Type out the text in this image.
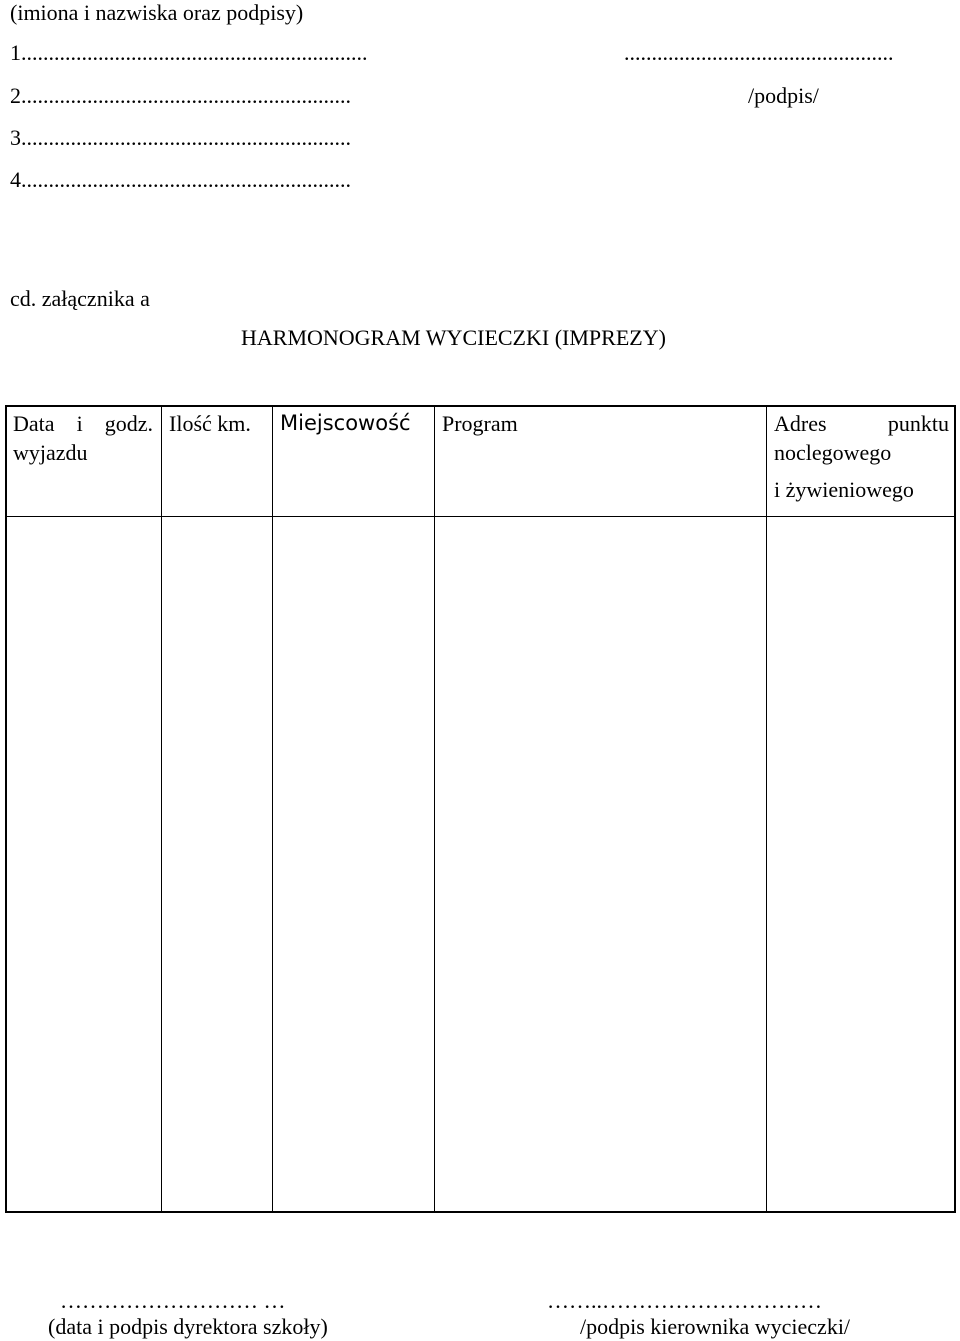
(imiona i nazwiska oraz podpisy)
1...............................................................
2............................................................
3............................................................
4............................................................
.................................................
/podpis/
cd. załącznika a
HARMONOGRAM WYCIECZKI (IMPREZY)
Data i godz.
wyjazdu
Ilość km. Miejscowość Program	Adres	punktu
noclegowego
i żywieniowego
……………………… …
(data i podpis dyrektora szkoły)
……..…………………………
/podpis kierownika wycieczki/
